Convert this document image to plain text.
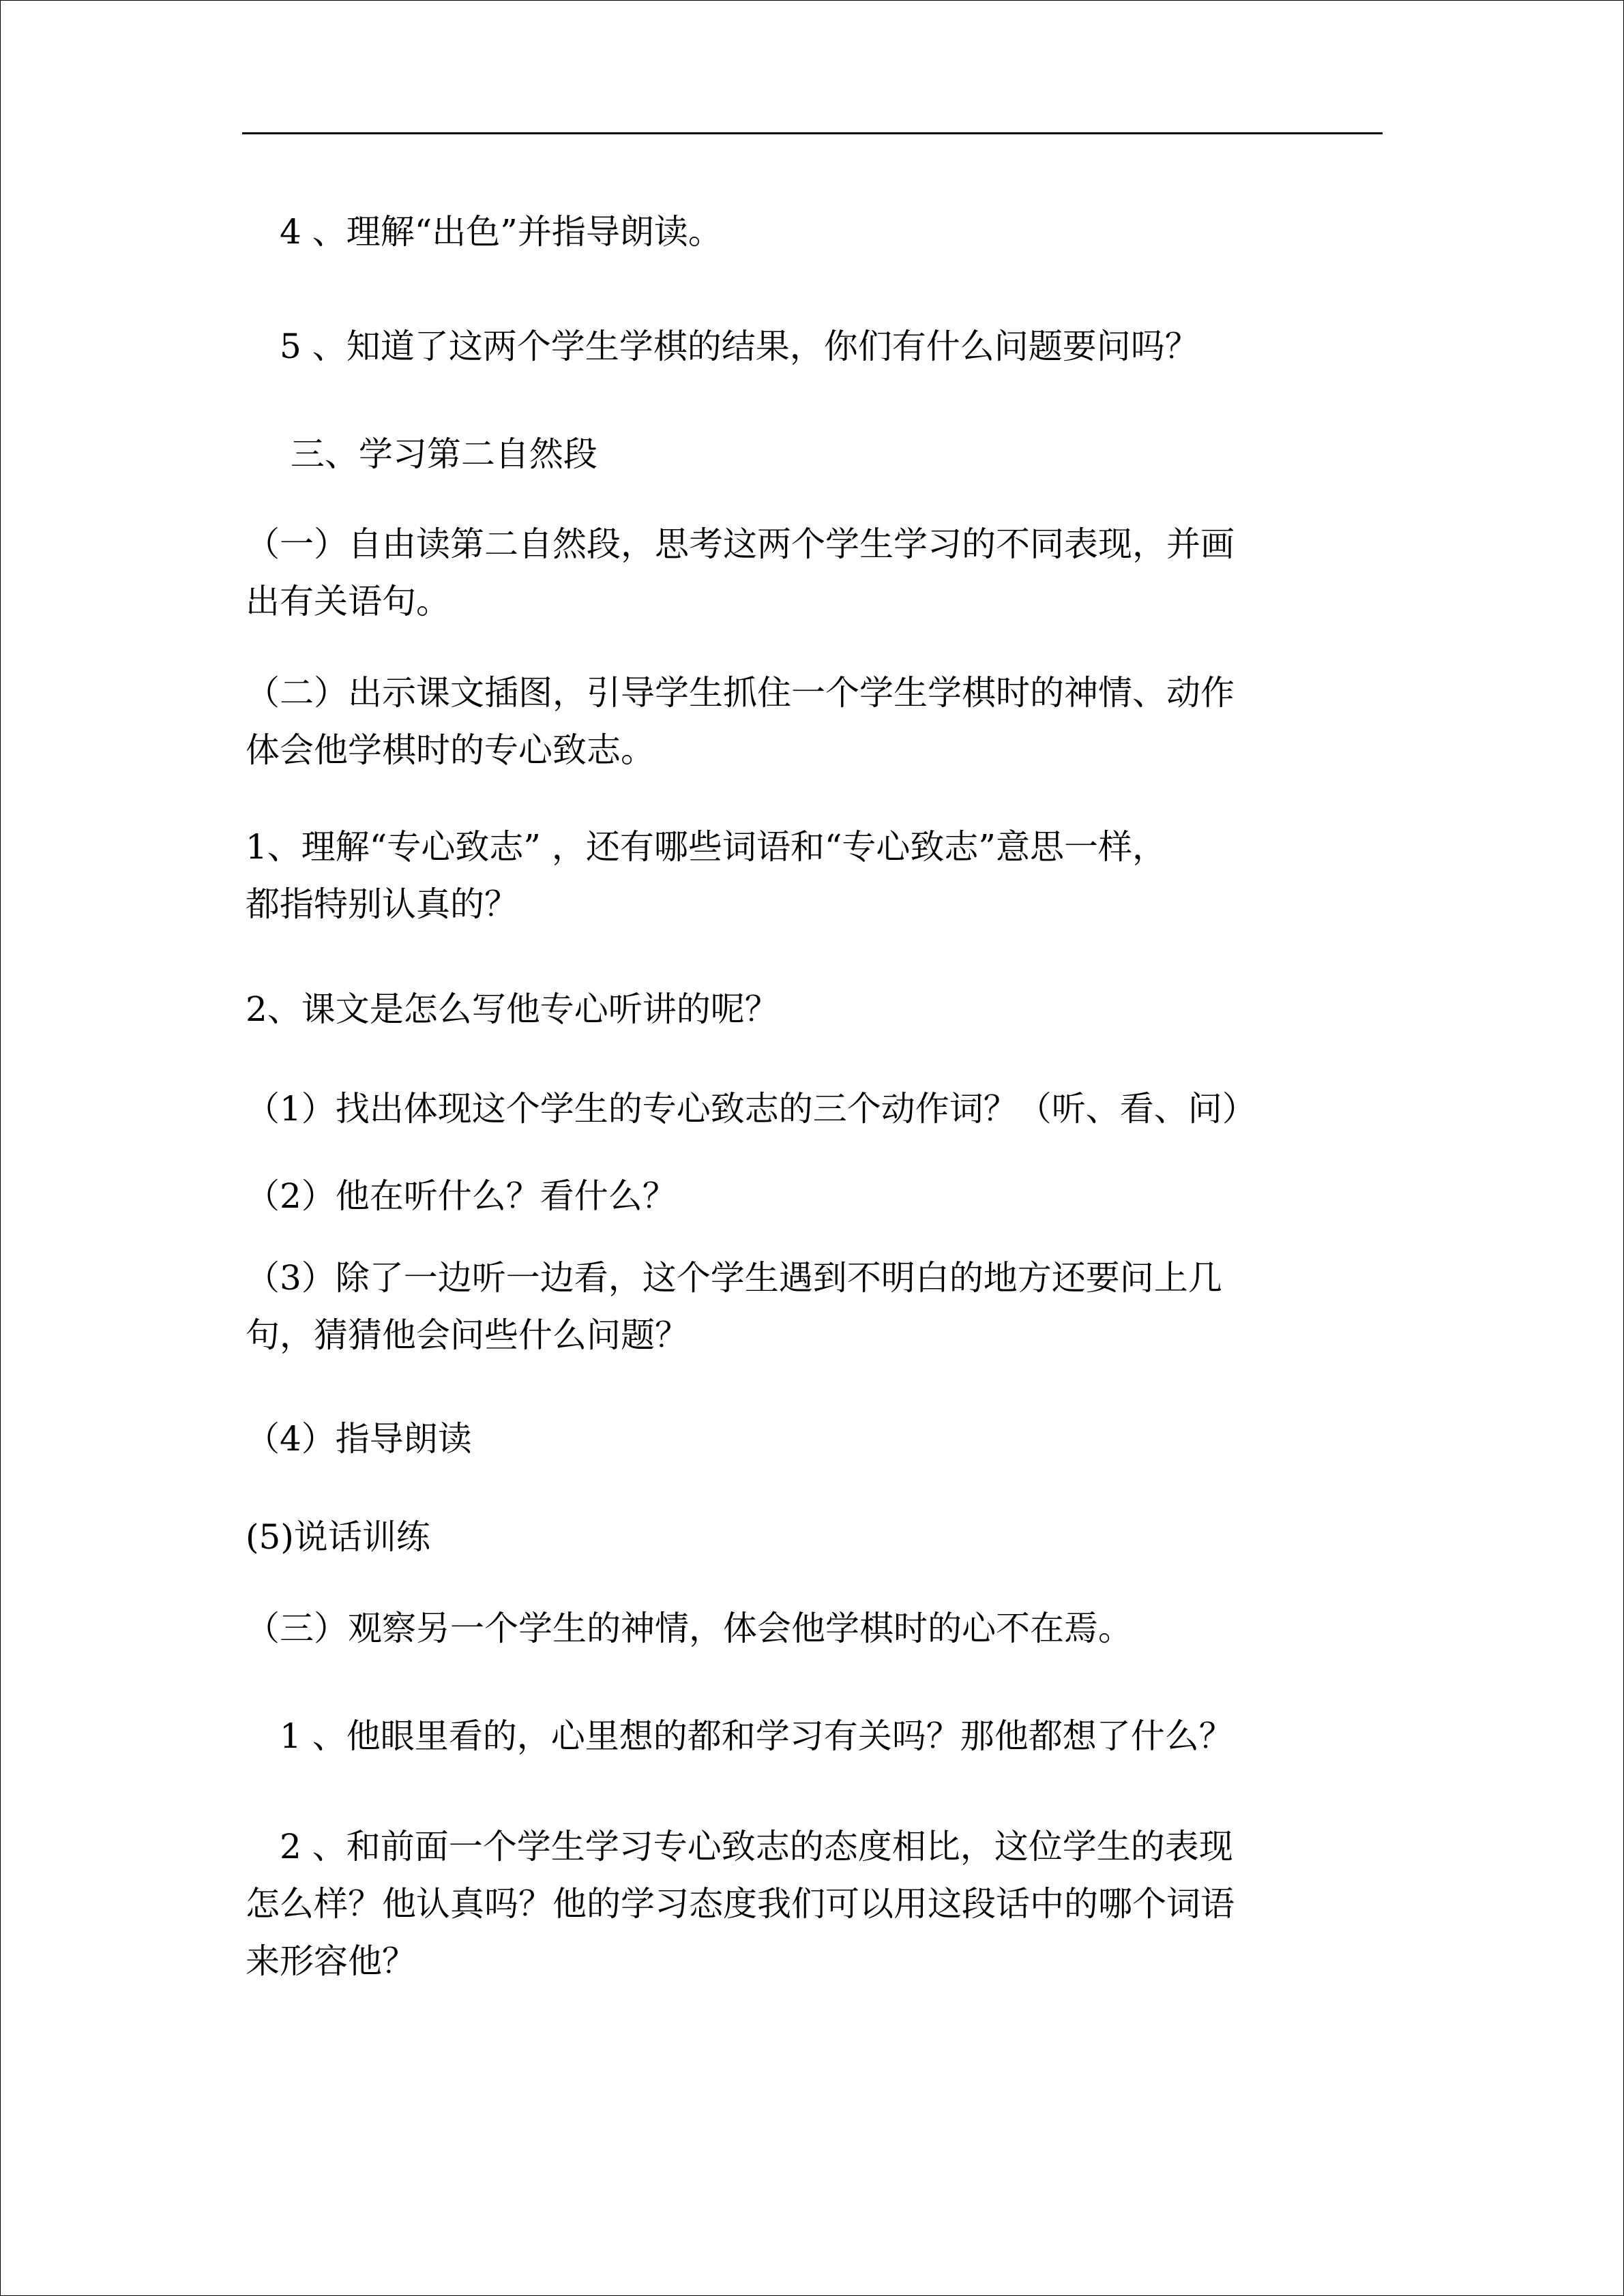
　4 、理解“出色”并指导朗读。
　5 、知道了这两个学生学棋的结果，你们有什么问题要问吗？
　 三、学习第二自然段
（一）自由读第二自然段，思考这两个学生学习的不同表现，并画
出有关语句。
（二）出示课文插图，引导学生抓住一个学生学棋时的神情、动作
体会他学棋时的专心致志。
1、理解“专心致志” ，还有哪些词语和“专心致志”意思一样，
都指特别认真的？
2、课文是怎么写他专心听讲的呢？
（1）找出体现这个学生的专心致志的三个动作词？（听、看、问）
（2）他在听什么？看什么？
（3）除了一边听一边看，这个学生遇到不明白的地方还要问上几
句，猜猜他会问些什么问题？
（4）指导朗读
(5)说话训练
（三）观察另一个学生的神情，体会他学棋时的心不在焉。
　1 、他眼里看的，心里想的都和学习有关吗？那他都想了什么？
　2 、和前面一个学生学习专心致志的态度相比，这位学生的表现
怎么样？他认真吗？他的学习态度我们可以用这段话中的哪个词语
来形容他？
